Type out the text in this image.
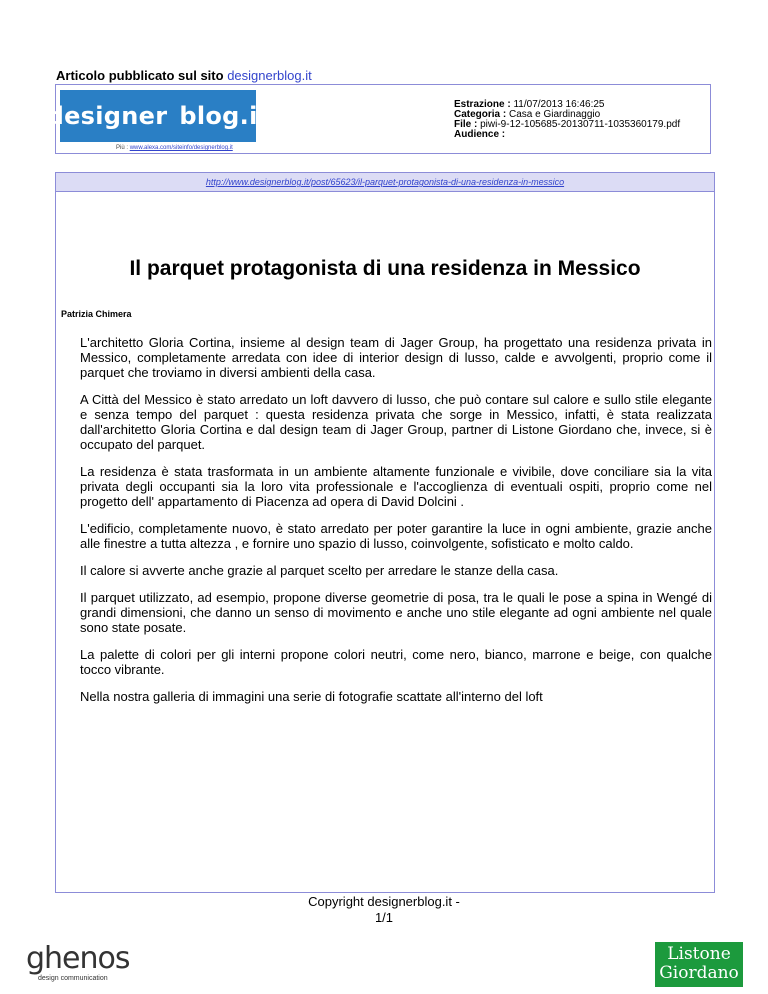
Articolo pubblicato sul sito designerblog.it
designer blog.it
Più : www.alexa.com/siteinfo/designerblog.it
Estrazione : 11/07/2013 16:46:25
Categoria : Casa e Giardinaggio
File : piwi-9-12-105685-20130711-1035360179.pdf
Audience :
http://www.designerblog.it/post/65623/il-parquet-protagonista-di-una-residenza-in-messico
Il parquet protagonista di una residenza in Messico
Patrizia Chimera

L'architetto Gloria Cortina, insieme al design team di Jager Group, ha progettato una residenza privata in Messico, completamente arredata con idee di interior design di lusso, calde e avvolgenti, proprio come il parquet che troviamo in diversi ambienti della casa.

A Città del Messico è stato arredato un loft davvero di lusso, che può contare sul calore e sullo stile elegante e senza tempo del parquet : questa residenza privata che sorge in Messico, infatti, è stata realizzata dall'architetto Gloria Cortina e dal design team di Jager Group, partner di Listone Giordano che, invece, si è occupato del parquet.

La residenza è stata trasformata in un ambiente altamente funzionale e vivibile, dove conciliare sia la vita privata degli occupanti sia la loro vita professionale e l'accoglienza di eventuali ospiti, proprio come nel progetto dell' appartamento di Piacenza ad opera di David Dolcini .

L'edificio, completamente nuovo, è stato arredato per poter garantire la luce in ogni ambiente, grazie anche alle finestre a tutta altezza , e fornire uno spazio di lusso, coinvolgente, sofisticato e molto caldo.

Il calore si avverte anche grazie al parquet scelto per arredare le stanze della casa.

Il parquet utilizzato, ad esempio, propone diverse geometrie di posa, tra le quali le pose a spina in Wengé di grandi dimensioni, che danno un senso di movimento e anche uno stile elegante ad ogni ambiente nel quale sono state posate.

La palette di colori per gli interni propone colori neutri, come nero, bianco, marrone e beige, con qualche tocco vibrante.

Nella nostra galleria di immagini una serie di fotografie scattate all'interno del loft

Copyright designerblog.it -
1/1
ghenos
design communication
Listone
Giordano
